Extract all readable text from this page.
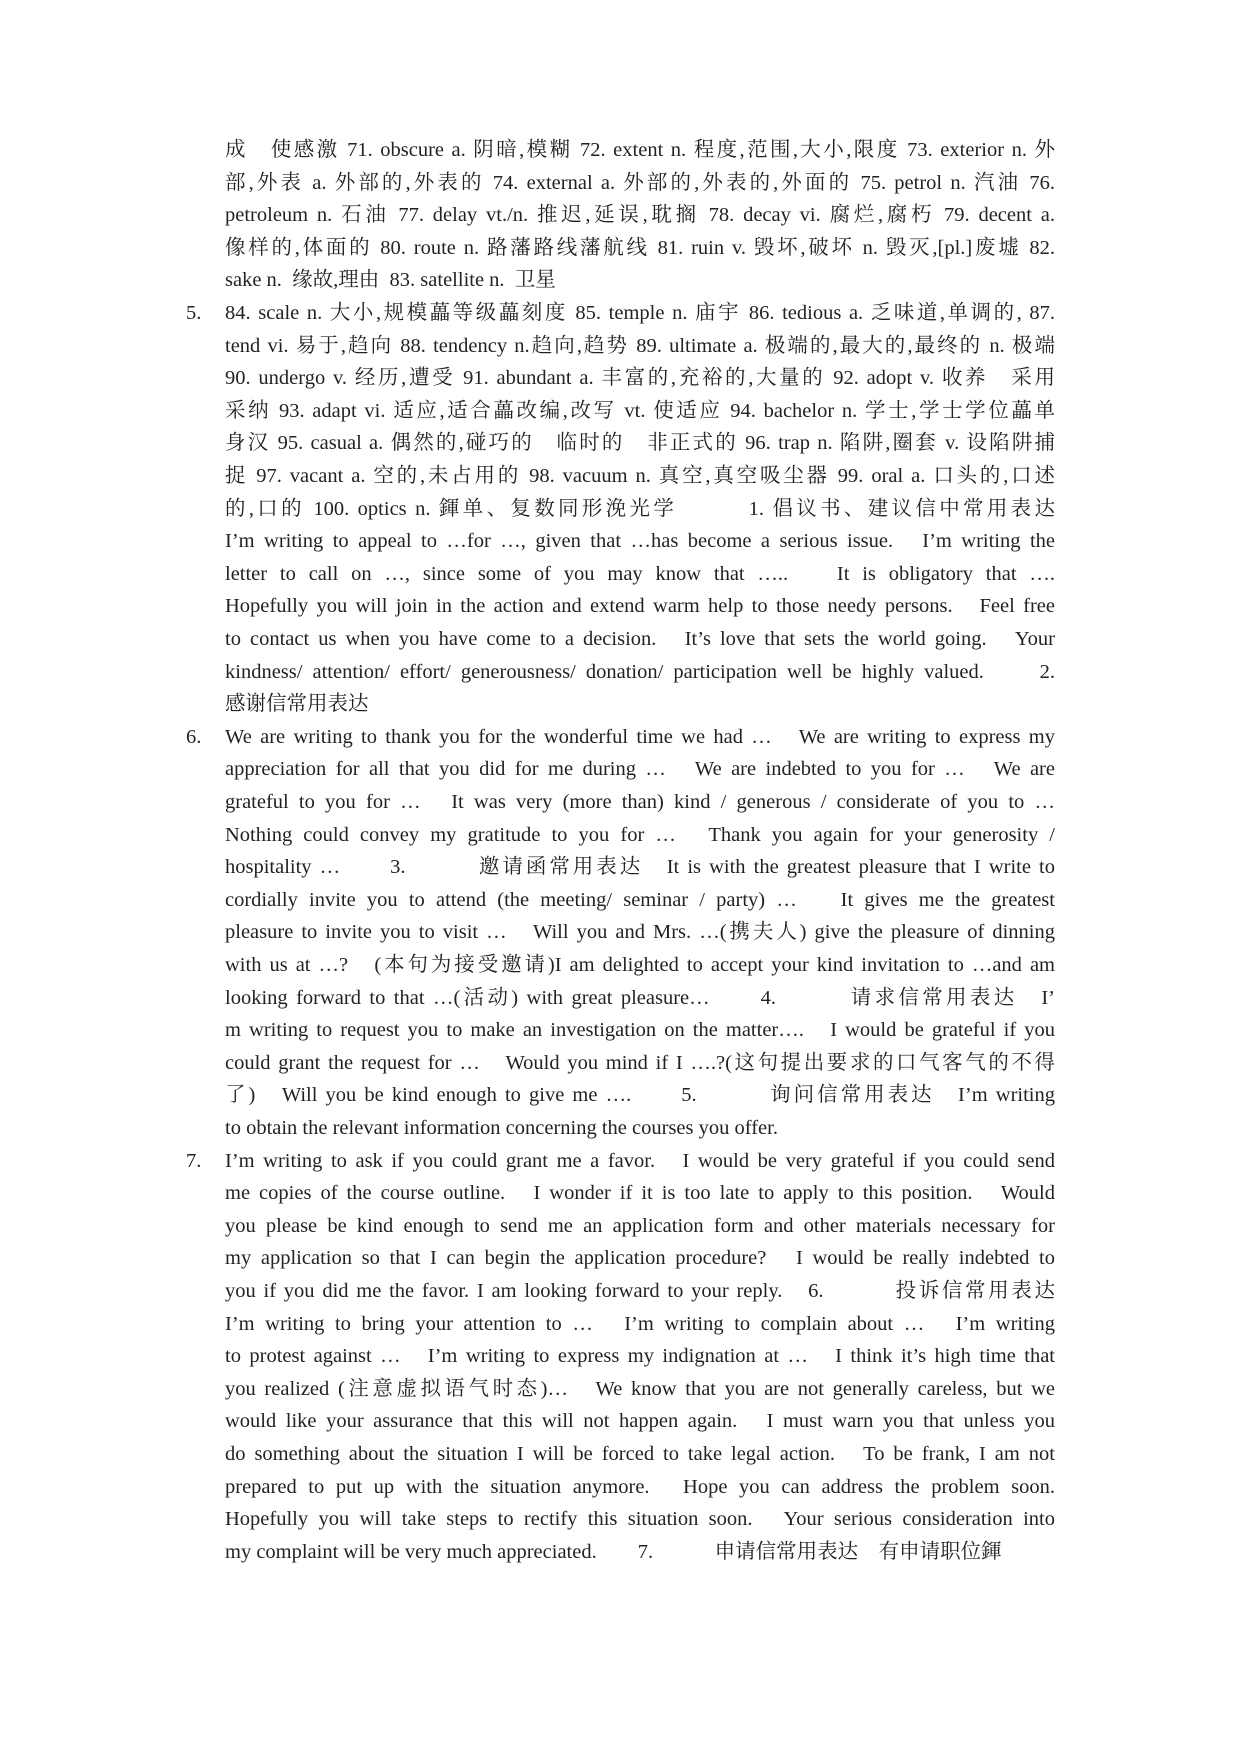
成　使感激 71. obscure a. 阴暗,模糊 72. extent n. 程度,范围,大小,限度 73. exterior n. 外
部,外表 a. 外部的,外表的 74. external a. 外部的,外表的,外面的 75. petrol n. 汽油 76.
petroleum n. 石油 77. delay vt./n. 推迟,延误,耽搁 78. decay vi. 腐烂,腐朽 79. decent a.
像样的,体面的 80. route n. 路藩路线藩航线 81. ruin v. 毁坏,破坏 n. 毁灭,[pl.]废墟 82.
sake n.  缘故,理由  83. satellite n.  卫星
5.	84. scale n. 大小,规模藟等级藟刻度 85. temple n. 庙宇 86. tedious a. 乏味道,单调的, 87.
tend vi. 易于,趋向 88. tendency n.趋向,趋势 89. ultimate a. 极端的,最大的,最终的 n. 极端
90. undergo v. 经历,遭受 91. abundant a. 丰富的,充裕的,大量的 92. adopt v. 收养　采用
采纳 93. adapt vi. 适应,适合藟改编,改写 vt. 使适应 94. bachelor n. 学士,学士学位藟单
身汉 95. casual a. 偶然的,碰巧的　临时的　非正式的 96. trap n. 陷阱,圈套 v. 设陷阱捕
捉 97. vacant a. 空的,未占用的 98. vacuum n. 真空,真空吸尘器 99. oral a. 口头的,口述
的,口的 100. optics n. 鍕单、复数同形浼光学　　　1. 倡议书、建议信中常用表达
I’m writing to appeal to …for …, given that …has become a serious issue.　I’m writing the
letter to call on …, since some of you may know that …..　 It is obligatory that ….
Hopefully you will join in the action and extend warm help to those needy persons.　Feel free
to contact us when you have come to a decision.　It’s love that sets the world going.　Your
kindness/ attention/ effort/ generousness/ donation/ participation well be highly valued.　　2.
感谢信常用表达
6.	We are writing to thank you for the wonderful time we had …　We are writing to express my
appreciation for all that you did for me during …　We are indebted to you for …　We are
grateful to you for …　It was very (more than) kind / generous / considerate of you to …
Nothing could convey my gratitude to you for …　Thank you again for your generosity /
hospitality …　　3.　　　邀请函常用表达　It is with the greatest pleasure that I write to
cordially invite you to attend (the meeting/ seminar / party) …　 It gives me the greatest
pleasure to invite you to visit …　Will you and Mrs. …(携夫人) give the pleasure of dinning
with us at …?　(本句为接受邀请)I am delighted to accept your kind invitation to …and am
looking forward to that …(活动) with great pleasure…　　4.　　　请求信常用表达　I’
m writing to request you to make an investigation on the matter….　I would be grateful if you
could grant the request for …　Would you mind if I ….?(这句提出要求的口气客气的不得
了)　Will you be kind enough to give me ….　　5.　　　询问信常用表达　I’m writing
to obtain the relevant information concerning the courses you offer.
7.	I’m writing to ask if you could grant me a favor.　I would be very grateful if you could send
me copies of the course outline.　I wonder if it is too late to apply to this position.　Would
you please be kind enough to send me an application form and other materials necessary for
my application so that I can begin the application procedure?　I would be really indebted to
you if you did me the favor. I am looking forward to your reply.　6.　　　投诉信常用表达
I’m writing to bring your attention to …　I’m writing to complain about …　I’m writing
to protest against …　I’m writing to express my indignation at …　I think it’s high time that
you realized (注意虚拟语气时态)…　We know that you are not generally careless, but we
would like your assurance that this will not happen again.　I must warn you that unless you
do something about the situation I will be forced to take legal action.　To be frank, I am not
prepared to put up with the situation anymore.　Hope you can address the problem soon.
Hopefully you will take steps to rectify this situation soon.　Your serious consideration into
my complaint will be very much appreciated.　　7.　　　申请信常用表达　有申请职位鍕
